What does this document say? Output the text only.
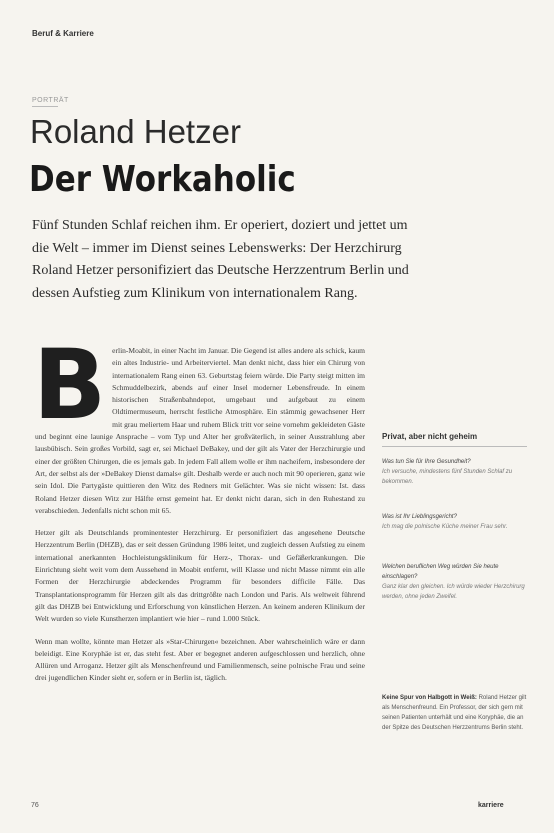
Beruf & Karriere
PORTRÄT
Roland Hetzer
Der Workaholic
Fünf Stunden Schlaf reichen ihm. Er operiert, doziert und jettet um
die Welt – immer im Dienst seines Lebenswerks: Der Herzchirurg
Roland Hetzer personifiziert das Deutsche Herzzentrum Berlin und
dessen Aufstieg zum Klinikum von internationalem Rang.

B erlin-Moabit, in einer Nacht im Januar. Die Gegend ist alles andere als schick, kaum ein altes Industrie- und Arbeiterviertel. Man denkt nicht, dass hier ein Chirurg von internationalem Rang einen 63. Geburtstag feiern würde. Die Party steigt mitten im Schmuddelbezirk, abends auf einer Insel moderner Lebensfreude. In einem historischen Straßenbahndepot, umgebaut und aufgebaut zu einem Oldtimermuseum, herrscht festliche Atmosphäre. Ein stämmig gewachsener Herr mit grau meliertem Haar und ruhem Blick tritt vor seine vornehm gekleideten Gäste und beginnt eine launige Ansprache – vom Typ und Alter her großväterlich, in seiner Ausstrahlung aber lausbübisch. Sein großes Vorbild, sagt er, sei Michael DeBakey, und der gilt als Vater der Herzchirurgie und einer der größten Chirurgen, die es jemals gab. In jedem Fall allem wolle er ihm nacheifern, insbesondere der Art, der selbst als der »DeBakey Dienst damals« gilt. Deshalb werde er auch noch mit 90 operieren, ganz wie sein Idol. Die Partygäste quittieren den Witz des Redners mit Gelächter. Was sie nicht wissen: Ist. dass Roland Hetzer diesen Witz zur Hälfte ernst gemeint hat. Er denkt nicht daran, sich in den Ruhestand zu verabschieden. Jedenfalls nicht schon mit 65.

Hetzer gilt als Deutschlands prominentester Herzchirurg. Er personifiziert das angesehene Deutsche Herzzentrum Berlin (DHZB), das er seit dessen Gründung 1986 leitet, und zugleich dessen Aufstieg zu einem international anerkannten Hochleistungsklinikum für Herz-, Thorax- und Gefäßerkrankungen. Die Einrichtung sieht weit vom dem Aussehend in Moabit entfernt, will Klasse und nicht Masse nimmt ein alle Formen der Herzchirurgie abdeckendes Programm für besonders difficile Fälle. Das Transplantationsprogramm für Herzen gilt als das drittgrößte nach London und Paris. Als weltweit führend gilt das DHZB bei Entwicklung und Erforschung von künstlichen Herzen. An keinem anderen Klinikum der Welt wurden so viele Kunstherzen implantiert wie hier – rund 1.000 Stück.

Wenn man wollte, könnte man Hetzer als »Star-Chirurgen« bezeichnen. Aber wahrscheinlich wäre er dann beleidigt. Eine Koryphäe ist er, das steht fest. Aber er begegnet anderen aufgeschlossen und herzlich, ohne Allüren und Arroganz. Hetzer gilt als Menschenfreund und Familienmensch, seine polnische Frau und seine drei jugendlichen Kinder sieht er, sofern er in Berlin ist, täglich.

Privat, aber nicht geheim
Was tun Sie für Ihre Gesundheit?
Ich versuche, mindestens fünf Stunden Schlaf zu bekommen.
Was ist Ihr Lieblingsgericht?
Ich mag die polnische Küche meiner Frau sehr.
Welchen beruflichen Weg würden Sie heute einschlagen?
Ganz klar den gleichen. Ich würde wieder Herzchirurg werden, ohne jeden Zweifel.
Keine Spur von Halbgott in Weiß: Roland Hetzer gilt als Menschenfreund. Ein Professor, der sich gern mit seinen Patienten unterhält und eine Koryphäe, die an der Spitze des Deutschen Herzzentrums Berlin steht.
76	karriere
